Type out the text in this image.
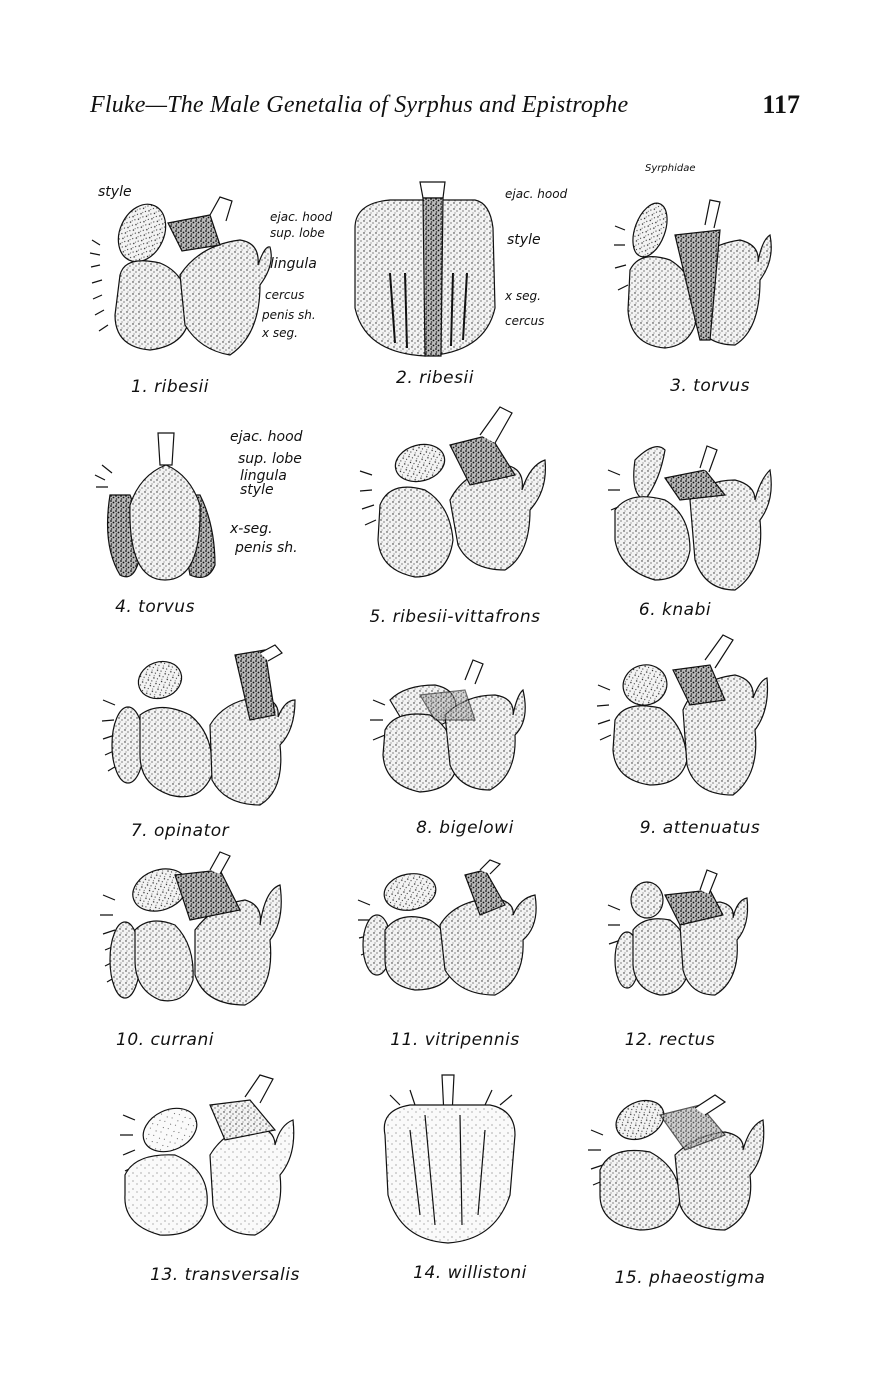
Fluke—The Male Genetalia of Syrphus and Epistrophe	117
Syrphidae
style
ejac. hood
sup. lobe
lingula
cercus
penis sh.
x seg.
1. ribesii
ejac. hood
style
x seg.
cercus
2. ribesii	3. torvus
ejac. hood
sup. lobe
lingula
style
x-seg.
penis sh.
4. torvus	5. ribesii-vittafrons	6. knabi
7. opinator	8. bigelowi	9. attenuatus
10. currani	11. vitripennis	12. rectus
13. transversalis	14. willistoni	15. phaeostigma
